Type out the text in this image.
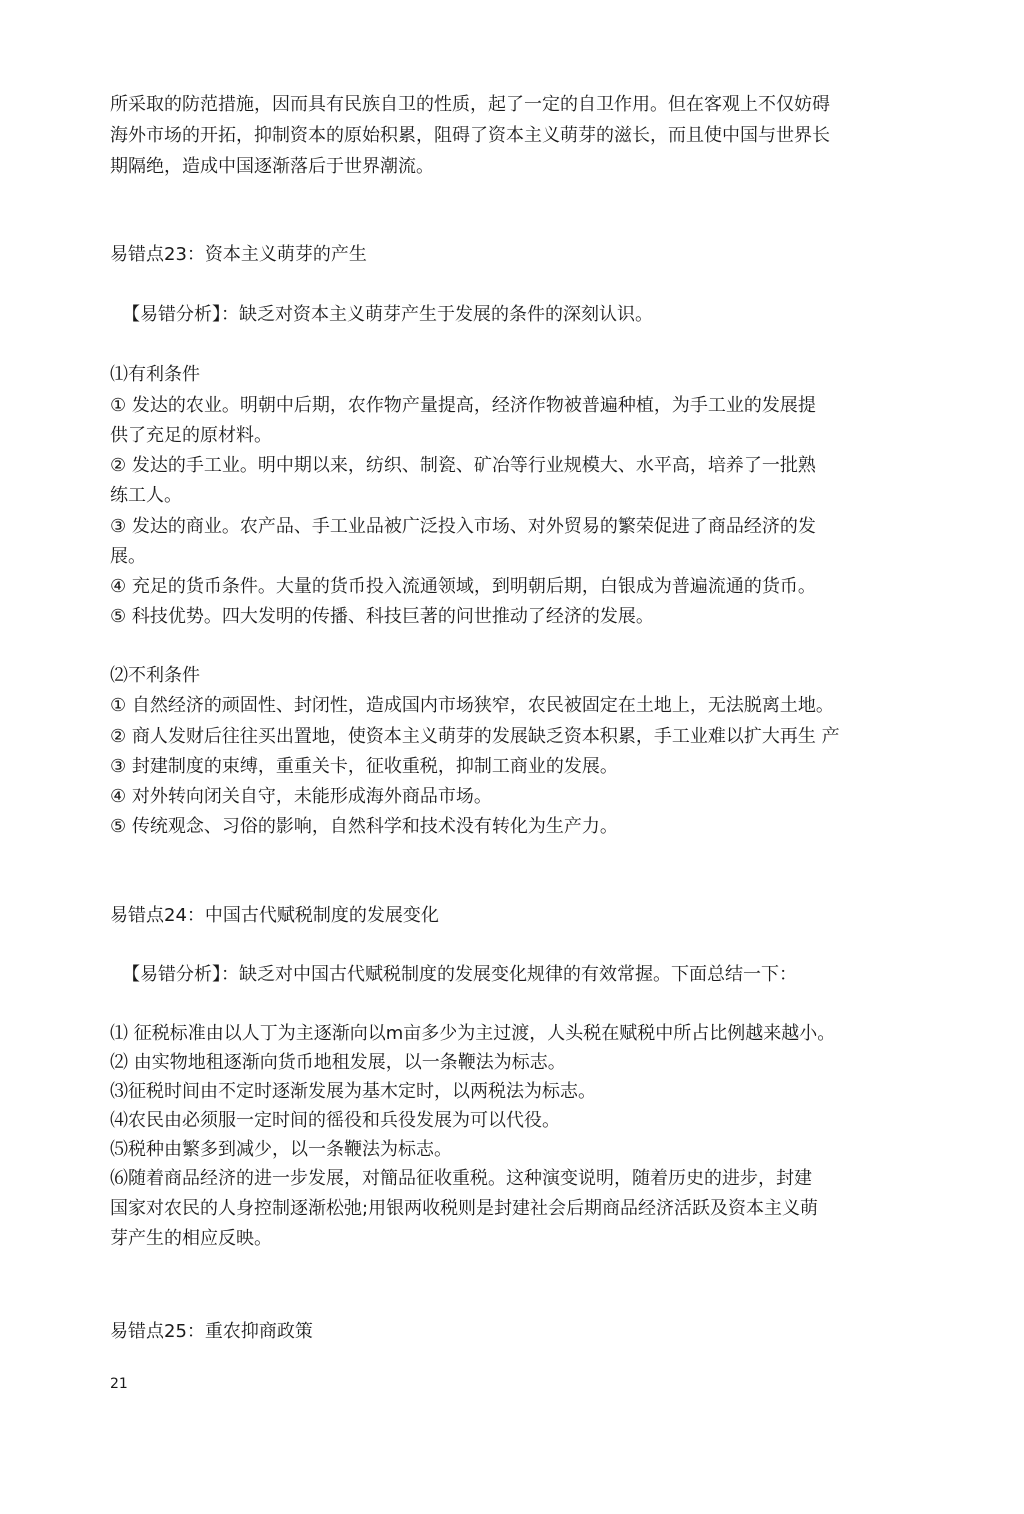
所采取的防范措施，因而具有民族自卫的性质，起了一定的自卫作用。但在客观上不仅妨碍
海外市场的开拓，抑制资本的原始积累，阻碍了资本主义萌芽的滋长，而且使中国与世界长
期隔绝，造成中国逐渐落后于世界潮流。
易错点23：资本主义萌芽的产生
【易错分析】：缺乏对资本主义萌芽产生于发展的条件的深刻认识。
⑴有利条件
① 发达的农业。明朝中后期，农作物产量提高，经济作物被普遍种植，为手工业的发展提
供了充足的原材料。
② 发达的手工业。明中期以来，纺织、制瓷、矿冶等行业规模大、水平高，培养了一批熟
练工人。
③ 发达的商业。农产品、手工业品被广泛投入市场、对外贸易的繁荣促进了商品经济的发
展。
④ 充足的货币条件。大量的货币投入流通领域，到明朝后期，白银成为普遍流通的货币。
⑤ 科技优势。四大发明的传播、科技巨著的问世推动了经济的发展。
⑵不利条件
① 自然经济的顽固性、封闭性，造成国内市场狭窄，农民被固定在土地上，无法脱离土地。
② 商人发财后往往买出置地，使资本主义萌芽的发展缺乏资本积累，手工业难以扩大再生 产
③ 封建制度的束缚，重重关卡，征收重税，抑制工商业的发展。
④ 对外转向闭关自守，未能形成海外商品市场。
⑤ 传统观念、习俗的影响，自然科学和技术没有转化为生产力。
易错点24：中国古代赋税制度的发展变化
【易错分析】：缺乏对中国古代赋税制度的发展变化规律的有效常握。下面总结一下：
⑴ 征税标准由以人丁为主逐渐向以m亩多少为主过渡，人头税在赋税中所占比例越来越小。
⑵ 由实物地租逐渐向货币地租发展，以一条鞭法为标志。
⑶征税时间由不定时逐渐发展为基木定时，以两税法为标志。
⑷农民由必须服一定时间的徭役和兵役发展为可以代役。
⑸税种由繁多到减少，以一条鞭法为标志。
⑹随着商品经济的进一步发展，对簡品征收重税。这种演变说明，随着历史的进步，封建
国家对农民的人身控制逐渐松弛;用银两收税则是封建社会后期商品经济活跃及资本主义萌
芽产生的相应反映。
易错点25：重农抑商政策
21
